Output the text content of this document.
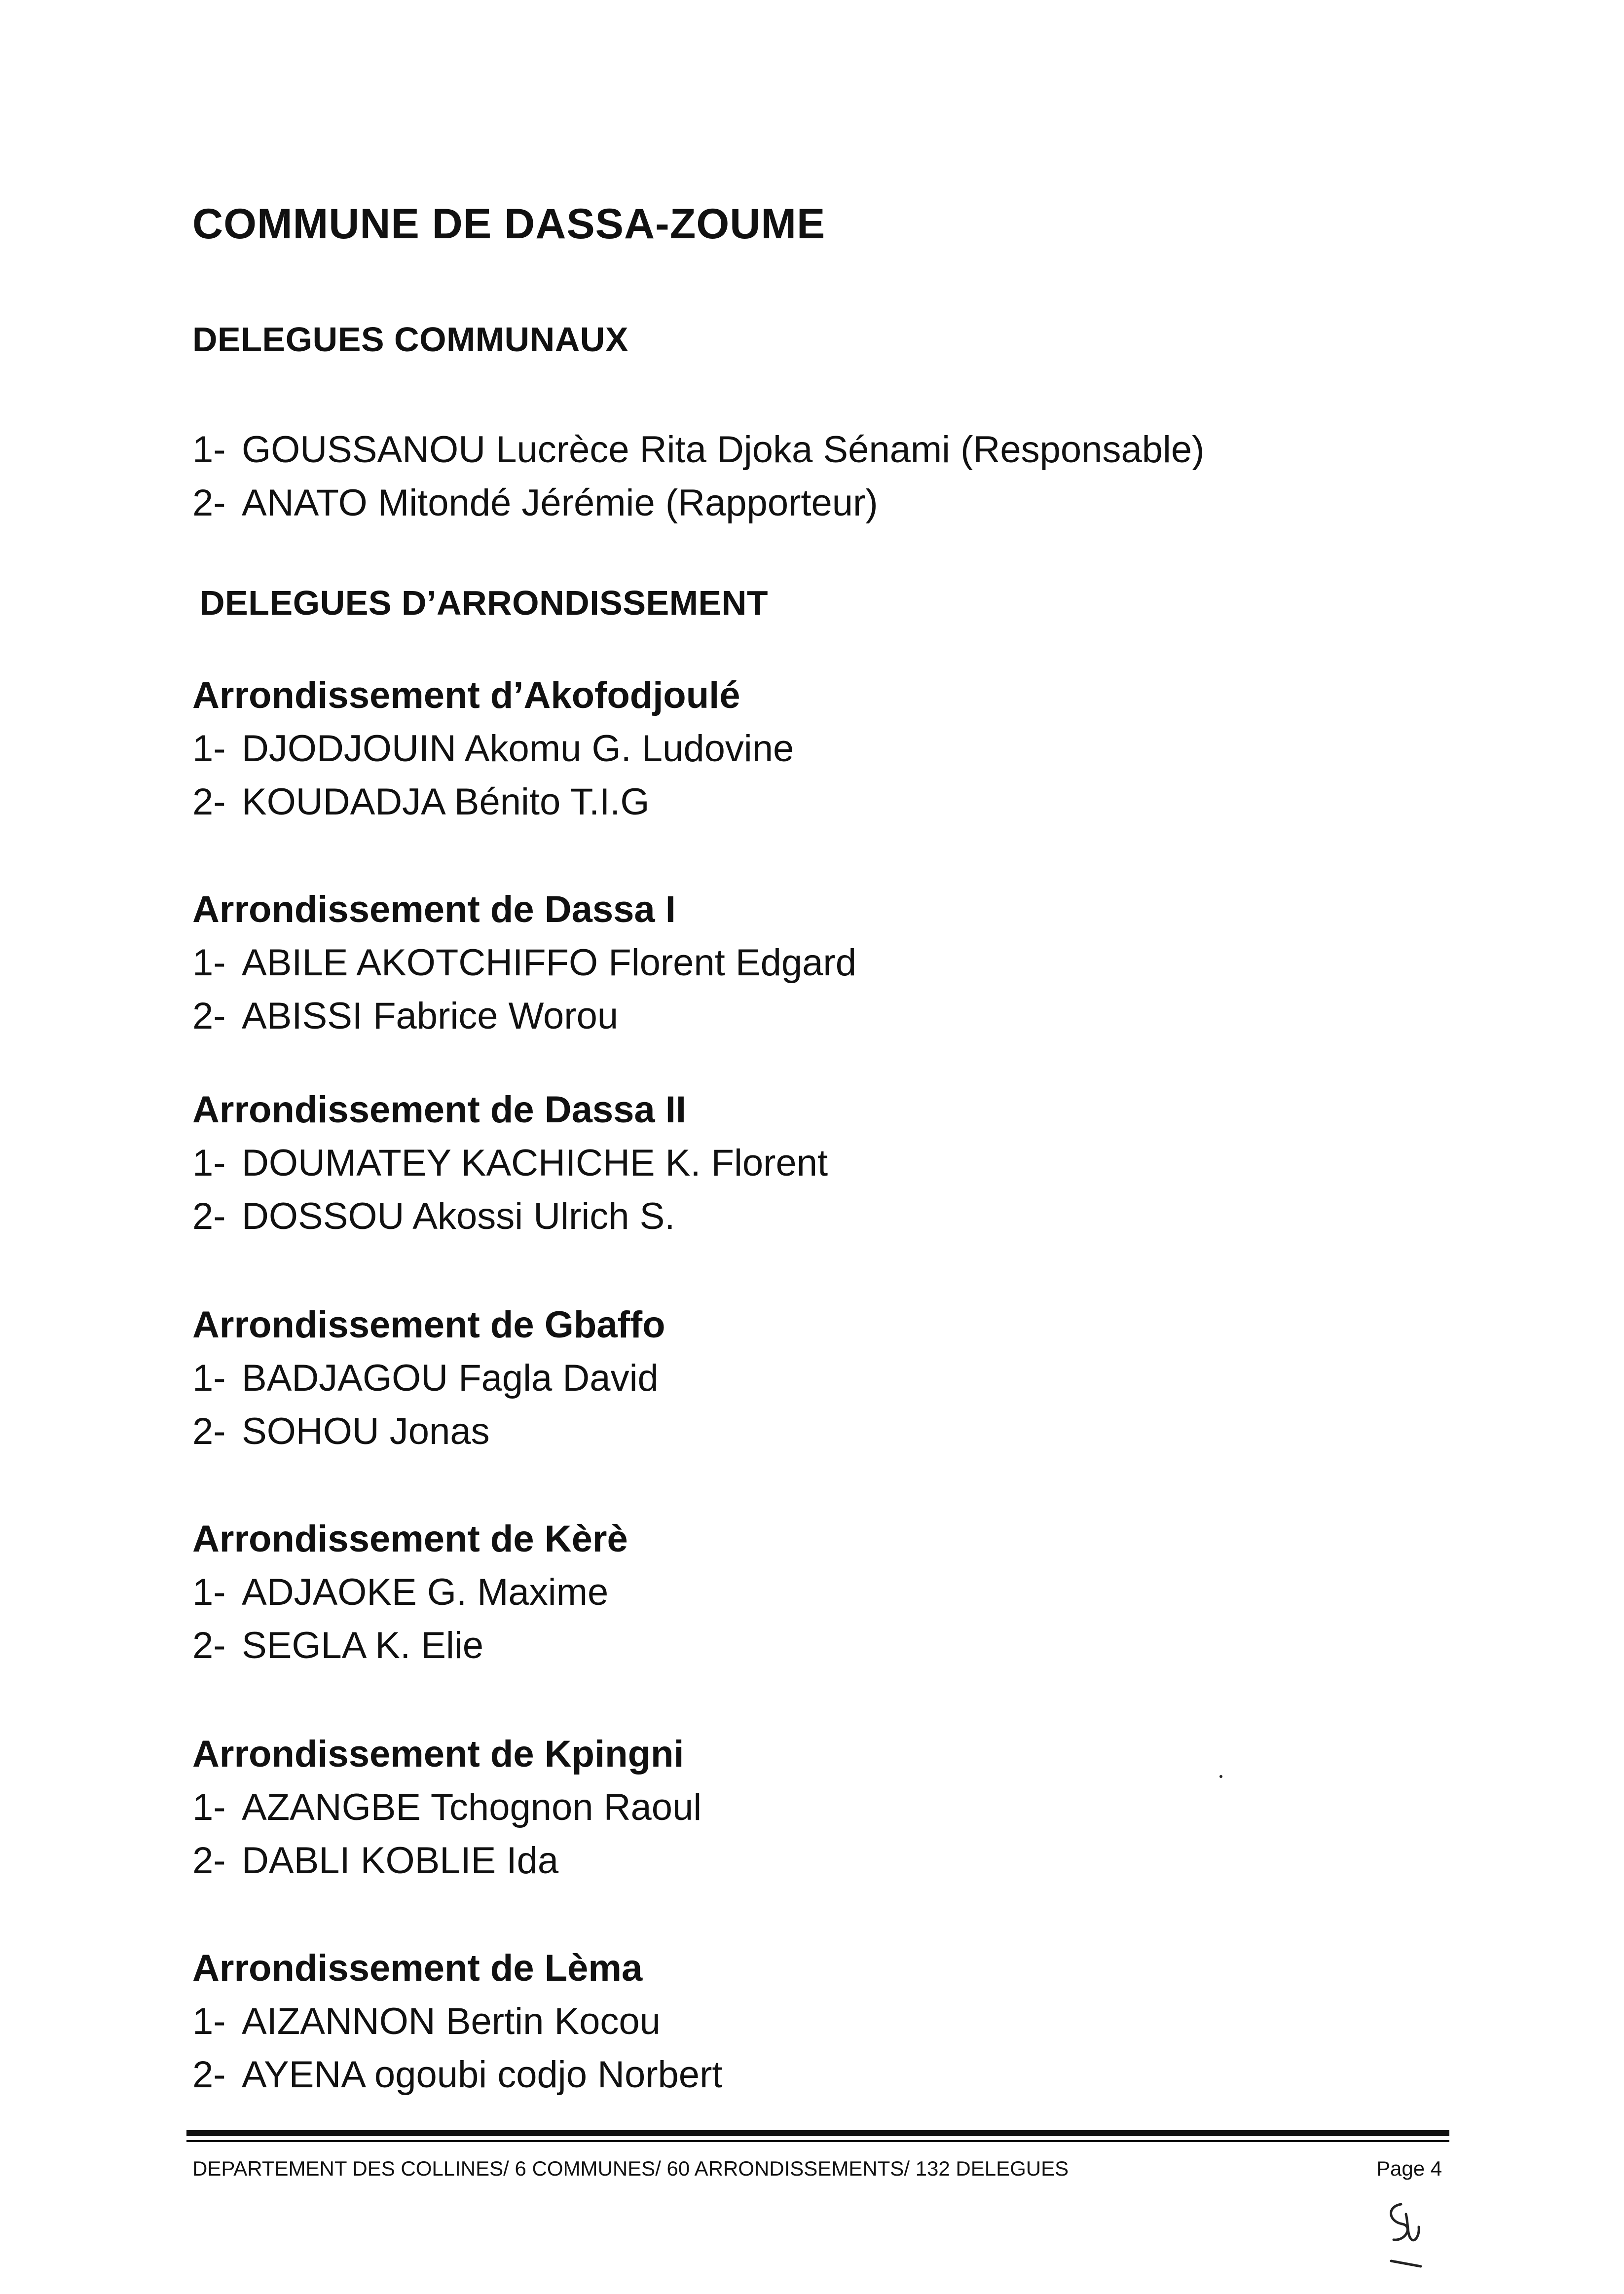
COMMUNE DE DASSA-ZOUME
DELEGUES COMMUNAUX
1- GOUSSANOU Lucrèce Rita Djoka Sénami (Responsable)
2- ANATO Mitondé Jérémie (Rapporteur)
DELEGUES D’ARRONDISSEMENT
Arrondissement d’Akofodjoulé
1- DJODJOUIN Akomu G. Ludovine
2- KOUDADJA Bénito T.I.G
Arrondissement de Dassa I
1- ABILE AKOTCHIFFO Florent Edgard
2- ABISSI Fabrice Worou
Arrondissement de Dassa II
1- DOUMATEY KACHICHE K. Florent
2- DOSSOU Akossi Ulrich S.
Arrondissement de Gbaffo
1- BADJAGOU Fagla David
2- SOHOU Jonas
Arrondissement de Kèrè
1- ADJAOKE G. Maxime
2- SEGLA K. Elie
Arrondissement de Kpingni
1- AZANGBE Tchognon Raoul
2- DABLI KOBLIE Ida
Arrondissement de Lèma
1- AIZANNON Bertin Kocou
2- AYENA ogoubi codjo Norbert
DEPARTEMENT DES COLLINES/ 6 COMMUNES/ 60 ARRONDISSEMENTS/ 132 DELEGUES	Page 4
